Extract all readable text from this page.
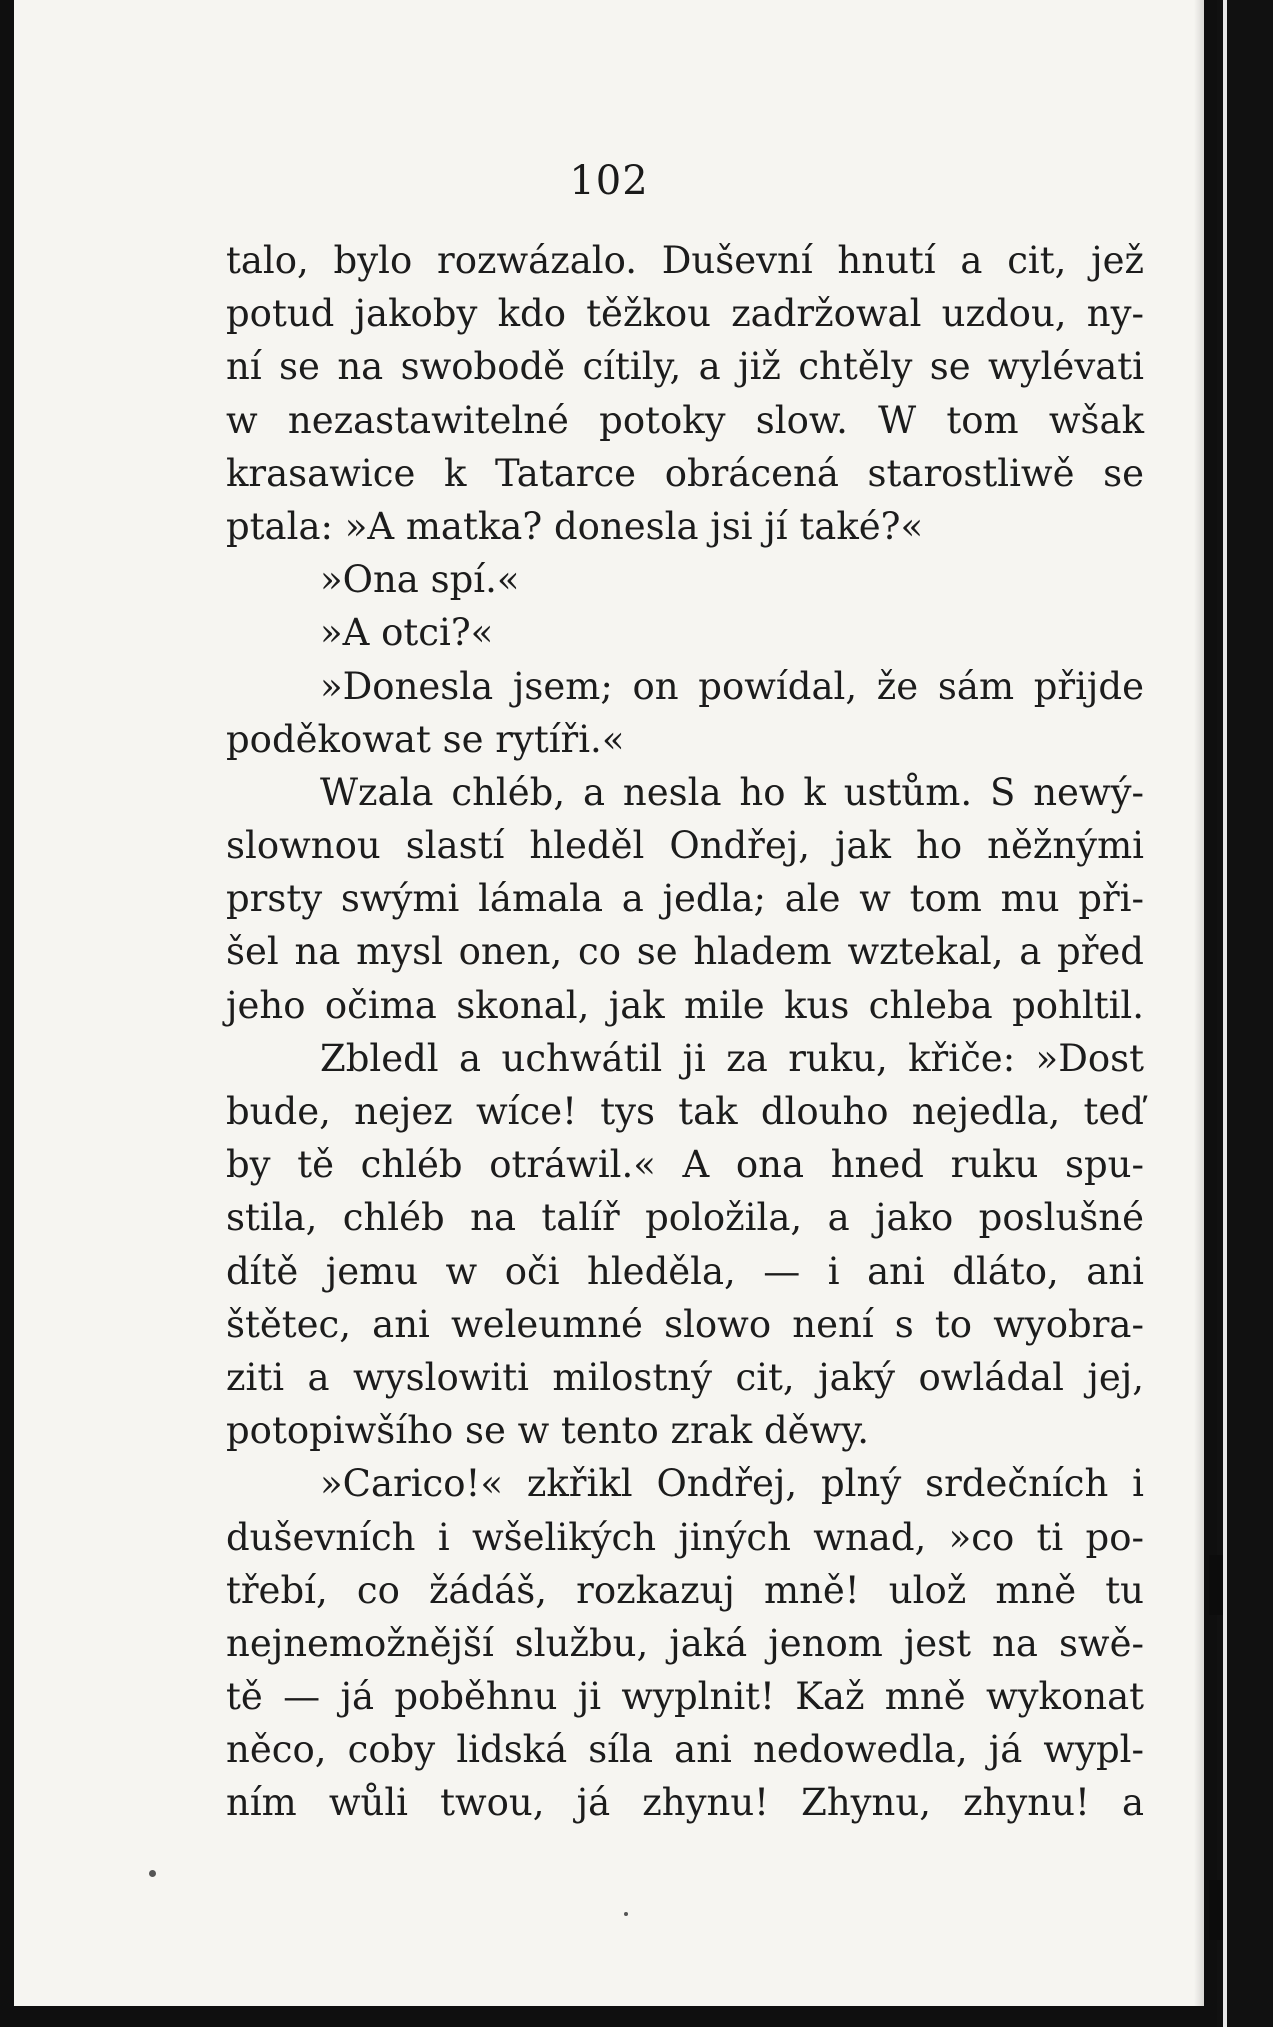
102
talo, bylo rozwázalo. Duševní hnutí a cit, jež
potud jakoby kdo těžkou zadržowal uzdou, ny-
ní se na swobodě cítily, a již chtěly se wylévati
w nezastawitelné potoky slow. W tom wšak
krasawice k Tatarce obrácená starostliwě se
ptala: »A matka? donesla jsi jí také?«
»Ona spí.«
»A otci?«
»Donesla jsem; on powídal, že sám přijde
poděkowat se rytíři.«
Wzala chléb, a nesla ho k ustům. S newý-
slownou slastí hleděl Ondřej, jak ho něžnými
prsty swými lámala a jedla; ale w tom mu při-
šel na mysl onen, co se hladem wztekal, a před
jeho očima skonal, jak mile kus chleba pohltil.
Zbledl a uchwátil ji za ruku, křiče: »Dost
bude, nejez wíce! tys tak dlouho nejedla, teď
by tě chléb otráwil.« A ona hned ruku spu-
stila, chléb na talíř položila, a jako poslušné
dítě jemu w oči hleděla, — i ani dláto, ani
štětec, ani weleumné slowo není s to wyobra-
ziti a wyslowiti milostný cit, jaký owládal jej,
potopiwšího se w tento zrak děwy.
»Carico!« zkřikl Ondřej, plný srdečních i
duševních i wšelikých jiných wnad, »co ti po-
třebí, co žádáš, rozkazuj mně! ulož mně tu
nejnemožnější službu, jaká jenom jest na swě-
tě — já poběhnu ji wyplnit! Kaž mně wykonat
něco, coby lidská síla ani nedowedla, já wypl-
ním wůli twou, já zhynu! Zhynu, zhynu! a
